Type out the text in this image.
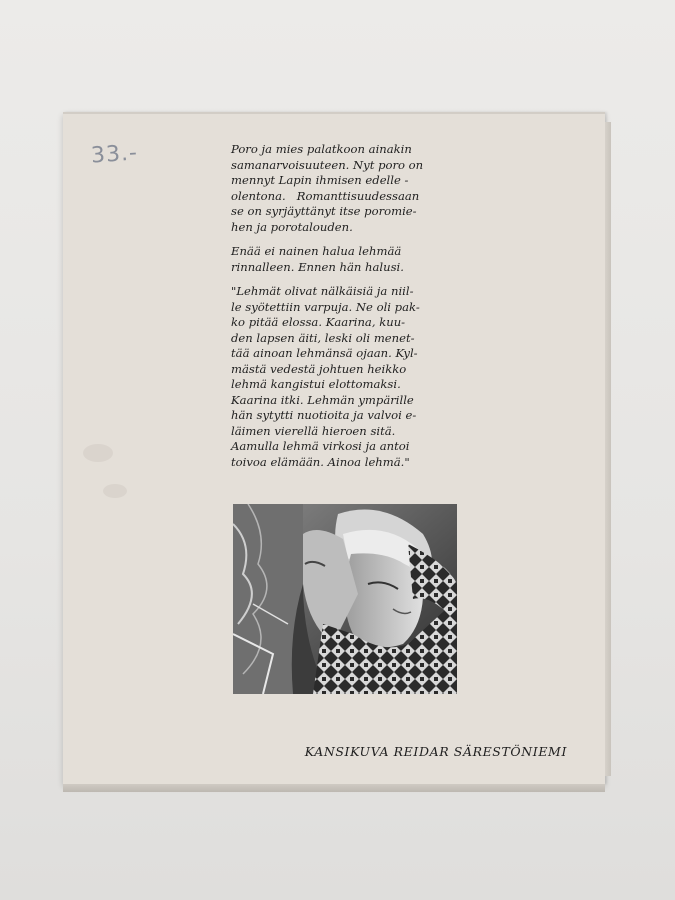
33.-	Poro ja mies palatkoon ainakin
samanarvoisuuteen. Nyt poro on
mennyt Lapin ihmisen edelle -
olentona.   Romanttisuudessaan
se on syrjäyttänyt itse poromie-
hen ja porotalouden.
Enää ei nainen halua lehmää
rinnalleen. Ennen hän halusi.
"Lehmät olivat nälkäisiä ja niil-
le syötettiin varpuja. Ne oli pak-
ko pitää elossa. Kaarina, kuu-
den lapsen äiti, leski oli menet-
tää ainoan lehmänsä ojaan. Kyl-
mästä vedestä johtuen heikko
lehmä kangistui elottomaksi.
Kaarina itki. Lehmän ympärille
hän sytytti nuotioita ja valvoi e-
läimen vierellä hieroen sitä.
Aamulla lehmä virkosi ja antoi
toivoa elämään. Ainoa lehmä."
KANSIKUVA REIDAR SÄRESTÖNIEMI
